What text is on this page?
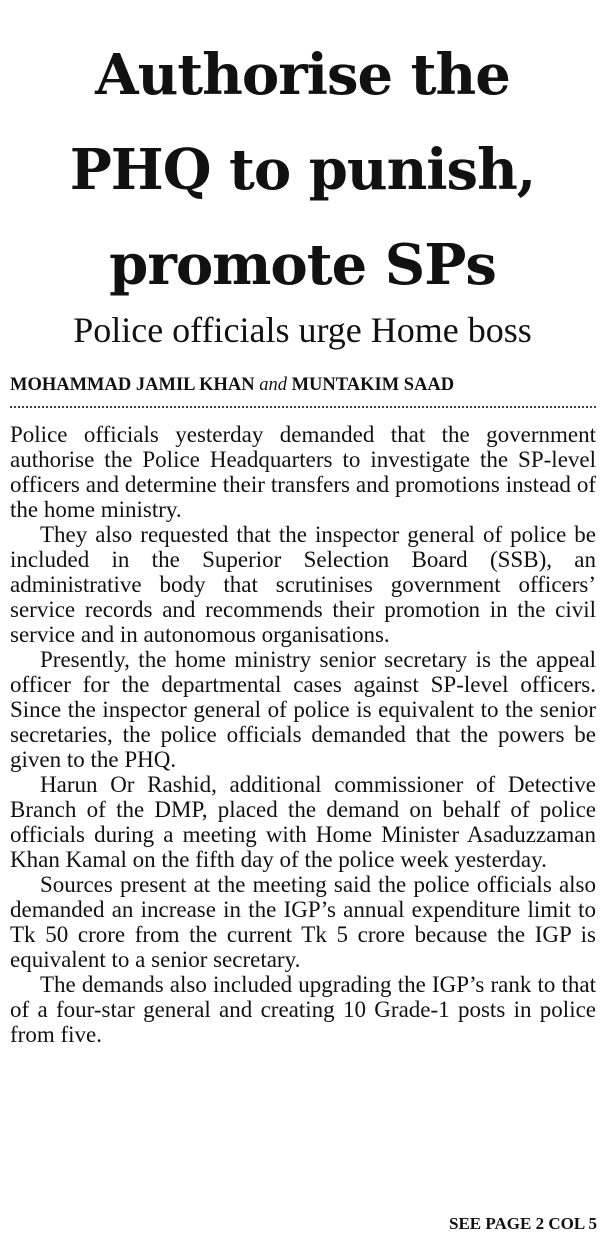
Authorise the
PHQ to punish,
promote SPs
Police officials urge Home boss
MOHAMMAD JAMIL KHAN and MUNTAKIM SAAD

Police officials yesterday demanded that the government authorise the Police Headquarters to investigate the SP-level officers and determine their transfers and promotions instead of the home ministry.

They also requested that the inspector general of police be included in the Superior Selection Board (SSB), an administrative body that scrutinises government officers’ service records and recommends their promotion in the civil service and in autonomous organisations.

Presently, the home ministry senior secretary is the appeal officer for the departmental cases against SP-level officers. Since the inspector general of police is equivalent to the senior secretaries, the police officials demanded that the powers be given to the PHQ.

Harun Or Rashid, additional commissioner of Detective Branch of the DMP, placed the demand on behalf of police officials during a meeting with Home Minister Asaduzzaman Khan Kamal on the fifth day of the police week yesterday.

Sources present at the meeting said the police officials also demanded an increase in the IGP’s annual expenditure limit to Tk 50 crore from the current Tk 5 crore because the IGP is equivalent to a senior secretary.

The demands also included upgrading the IGP’s rank to that of a four-star general and creating 10 Grade-1 posts in police from five.

SEE PAGE 2 COL 5
